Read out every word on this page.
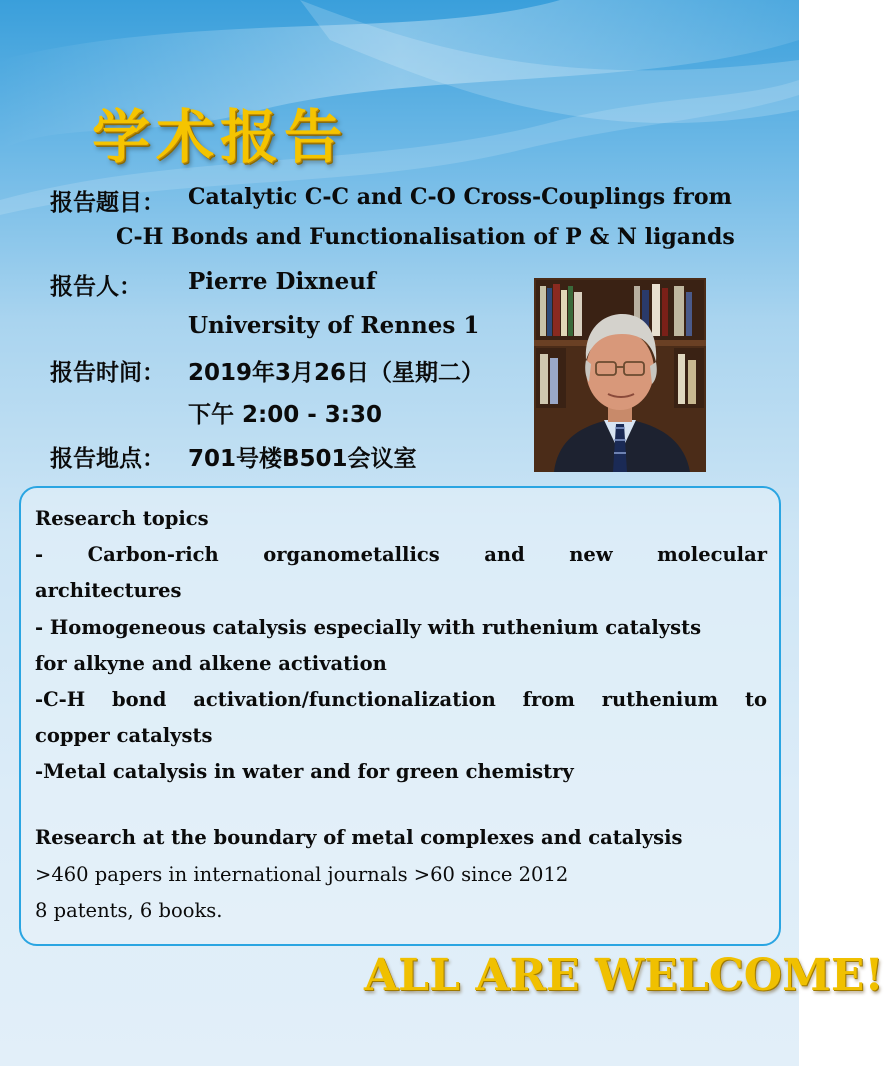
学术报告
报告题目： Catalytic C-C and C-O Cross-Couplings from
C-H Bonds and Functionalisation of P & N ligands
报告人： Pierre Dixneuf
University of Rennes 1
报告时间： 2019年3月26日（星期二）
下午 2:00 - 3:30
报告地点： 701号楼B501会议室
Research topics
- Carbon-rich organometallics and new molecular
architectures
- Homogeneous catalysis especially with ruthenium catalysts
for alkyne and alkene activation
-C-H bond activation/functionalization from ruthenium to
copper catalysts
-Metal catalysis in water and for green chemistry
Research at the boundary of metal complexes and catalysis
>460 papers in international journals >60 since 2012
8 patents, 6 books.
ALL ARE WELCOME!
